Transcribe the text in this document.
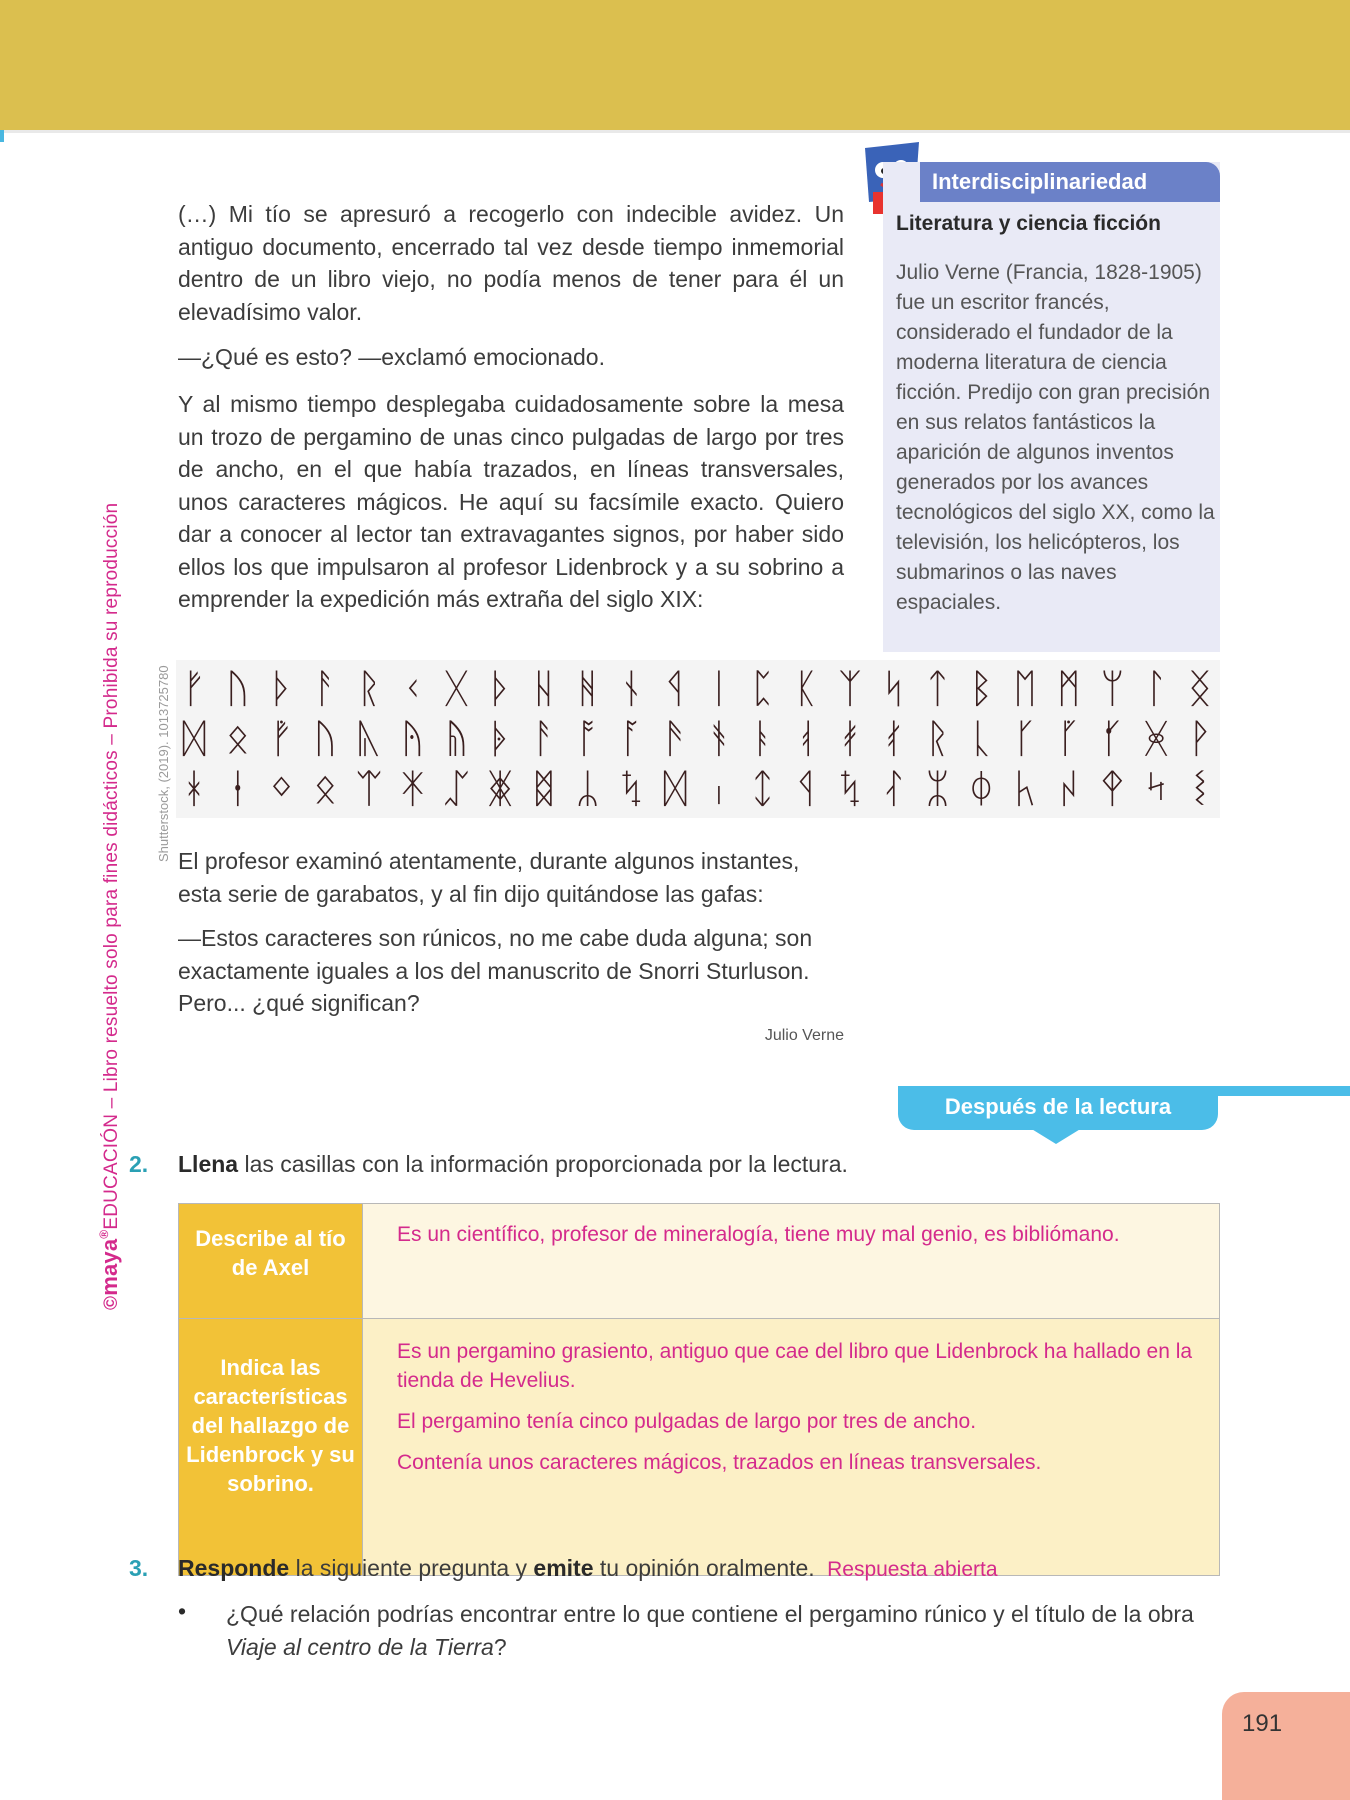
©maya®EDUCACIÓN – Libro resuelto solo para fines didácticos – Prohibida su reproducción	Shutterstock, (2019). 1013725780

(…) Mi tío se apresuró a recogerlo con indecible avidez. Un antiguo documento, encerrado tal vez desde tiempo inmemorial dentro de un libro viejo, no podía menos de tener para él un elevadísimo valor.

—¿Qué es esto? —exclamó emocionado.

Y al mismo tiempo desplegaba cuidadosamente sobre la mesa un trozo de pergamino de unas cinco pulgadas de largo por tres de ancho, en el que había trazados, en líneas transversales, unos caracteres mágicos. He aquí su facsímile exacto. Quiero dar a conocer al lector tan extravagantes signos, por haber sido ellos los que impulsaron al profesor Lidenbrock y a su sobrino a emprender la expedición más extraña del siglo XIX:

Interdisciplinariedad
Literatura y ciencia ficción
Julio Verne (Francia, 1828-1905) fue un escritor francés, considerado el fundador de la moderna literatura de ciencia ficción. Predijo con gran precisión en sus relatos fantásticos la aparición de algunos inventos generados por los avances tecnológicos del siglo XX, como la televisión, los helicópteros, los submarinos o las naves espaciales.
ᚠ ᚢ ᚦ ᚨ ᚱ ᚲ ᚷ ᚦ ᚺ ᚻ ᚾ ᛩ ᛁ ᛈ ᛕ ᛉ ᛋ ᛏ ᛒ ᛖ ᛗ ᛘ ᛚ ᛝ
ᛞ ᛟ ᚡ ᚢ ᚣ ᚤ ᚥ ᚧ ᚨ ᚩ ᚪ ᚫ ᚬ ᚭ ᚮ ᚯ ᚰ ᚱ ᚳ ᚴ ᚵ ᚶ ᚸ ᚹ
ᚼ ᚽ ᛜ ᛟ ᛠ ᛡ ᛢ ᛤ ᛥ ᛦ ᛪ ᛞ ᛧ ᛨ ᛩ ᛪ ᛮ ᛯ ᛰ ᛱ ᛲ ᛳ ᛴ ᛵ

El profesor examinó atentamente, durante algunos instantes, esta serie de garabatos, y al fin dijo quitándose las gafas:

—Estos caracteres son rúnicos, no me cabe duda alguna; son exactamente iguales a los del manuscrito de Snorri Sturluson. Pero... ¿qué significan?

Julio Verne
Después de la lectura
2. Llena las casillas con la información proporcionada por la lectura.
Describe al tío de Axel	Es un científico, profesor de mineralogía, tiene muy mal genio, es bibliómano.

Indica las características del hallazgo de Lidenbrock y su sobrino.	Es un pergamino grasiento, antiguo que cae del libro que Lidenbrock ha hallado en la tienda de Hevelius.

El pergamino tenía cinco pulgadas de largo por tres de ancho.

Contenía unos caracteres mágicos, trazados en líneas transversales.

3. Responde la siguiente pregunta y emite tu opinión oralmente. Respuesta abierta
• ¿Qué relación podrías encontrar entre lo que contiene el pergamino rúnico y el título de la obra Viaje al centro de la Tierra?
191
